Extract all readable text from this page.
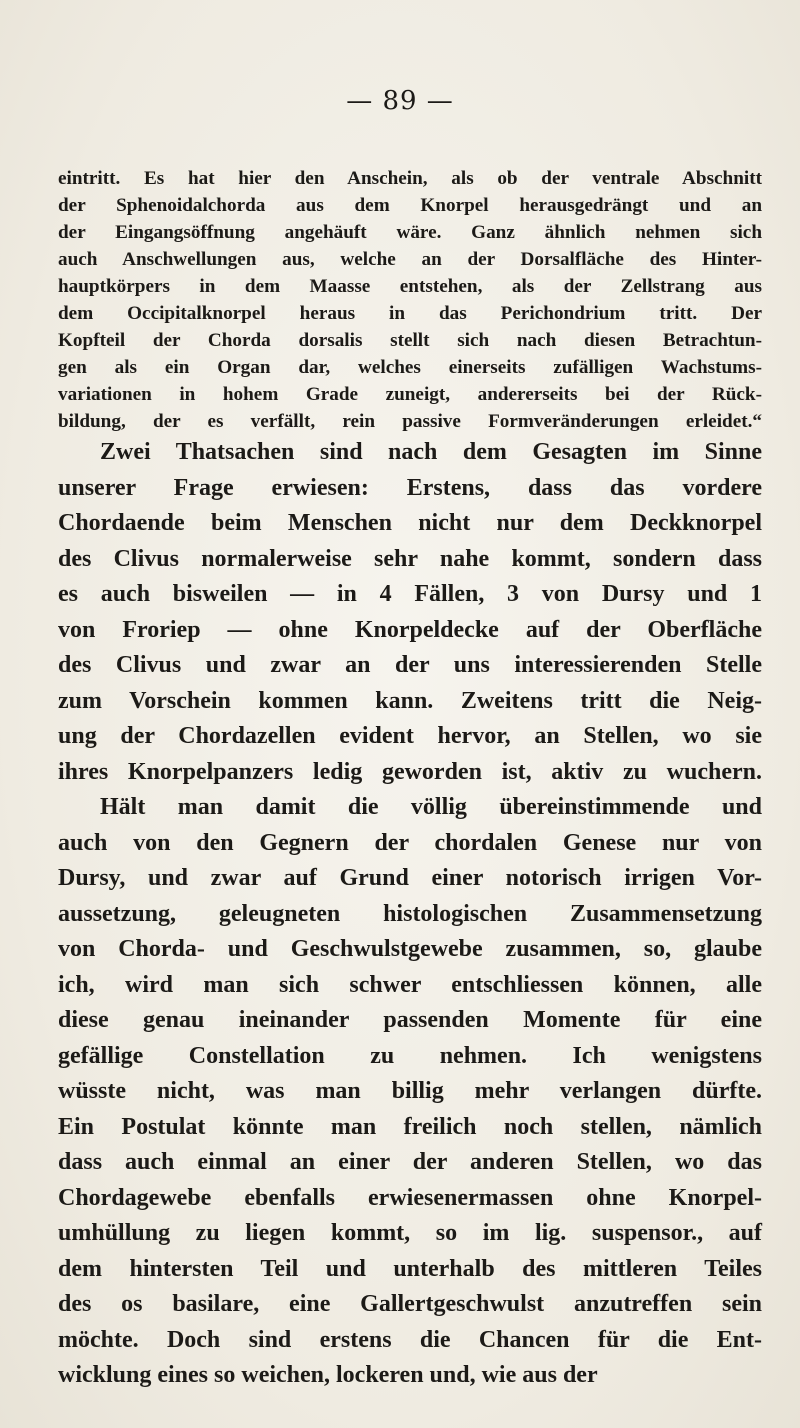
— 89 —
eintritt. Es hat hier den Anschein, als ob der ventrale Abschnitt
der Sphenoidalchorda aus dem Knorpel herausgedrängt und an
der Eingangsöffnung angehäuft wäre. Ganz ähnlich nehmen sich
auch Anschwellungen aus, welche an der Dorsalfläche des Hinter-
hauptkörpers in dem Maasse entstehen, als der Zellstrang aus
dem Occipitalknorpel heraus in das Perichondrium tritt. Der
Kopfteil der Chorda dorsalis stellt sich nach diesen Betrachtun-
gen als ein Organ dar, welches einerseits zufälligen Wachstums-
variationen in hohem Grade zuneigt, andererseits bei der Rück-
bildung, der es verfällt, rein passive Formveränderungen erleidet.“
Zwei Thatsachen sind nach dem Gesagten im Sinne
unserer Frage erwiesen: Erstens, dass das vordere
Chordaende beim Menschen nicht nur dem Deckknorpel
des Clivus normalerweise sehr nahe kommt, sondern dass
es auch bisweilen — in 4 Fällen, 3 von Dursy und 1
von Froriep — ohne Knorpeldecke auf der Oberfläche
des Clivus und zwar an der uns interessierenden Stelle
zum Vorschein kommen kann. Zweitens tritt die Neig-
ung der Chordazellen evident hervor, an Stellen, wo sie
ihres Knorpelpanzers ledig geworden ist, aktiv zu wuchern.
Hält man damit die völlig übereinstimmende und
auch von den Gegnern der chordalen Genese nur von
Dursy, und zwar auf Grund einer notorisch irrigen Vor-
aussetzung, geleugneten histologischen Zusammensetzung
von Chorda- und Geschwulstgewebe zusammen, so, glaube
ich, wird man sich schwer entschliessen können, alle
diese genau ineinander passenden Momente für eine
gefällige Constellation zu nehmen. Ich wenigstens
wüsste nicht, was man billig mehr verlangen dürfte.
Ein Postulat könnte man freilich noch stellen, nämlich
dass auch einmal an einer der anderen Stellen, wo das
Chordagewebe ebenfalls erwiesenermassen ohne Knorpel-
umhüllung zu liegen kommt, so im lig. suspensor., auf
dem hintersten Teil und unterhalb des mittleren Teiles
des os basilare, eine Gallertgeschwulst anzutreffen sein
möchte. Doch sind erstens die Chancen für die Ent-
wicklung eines so weichen, lockeren und, wie aus der
